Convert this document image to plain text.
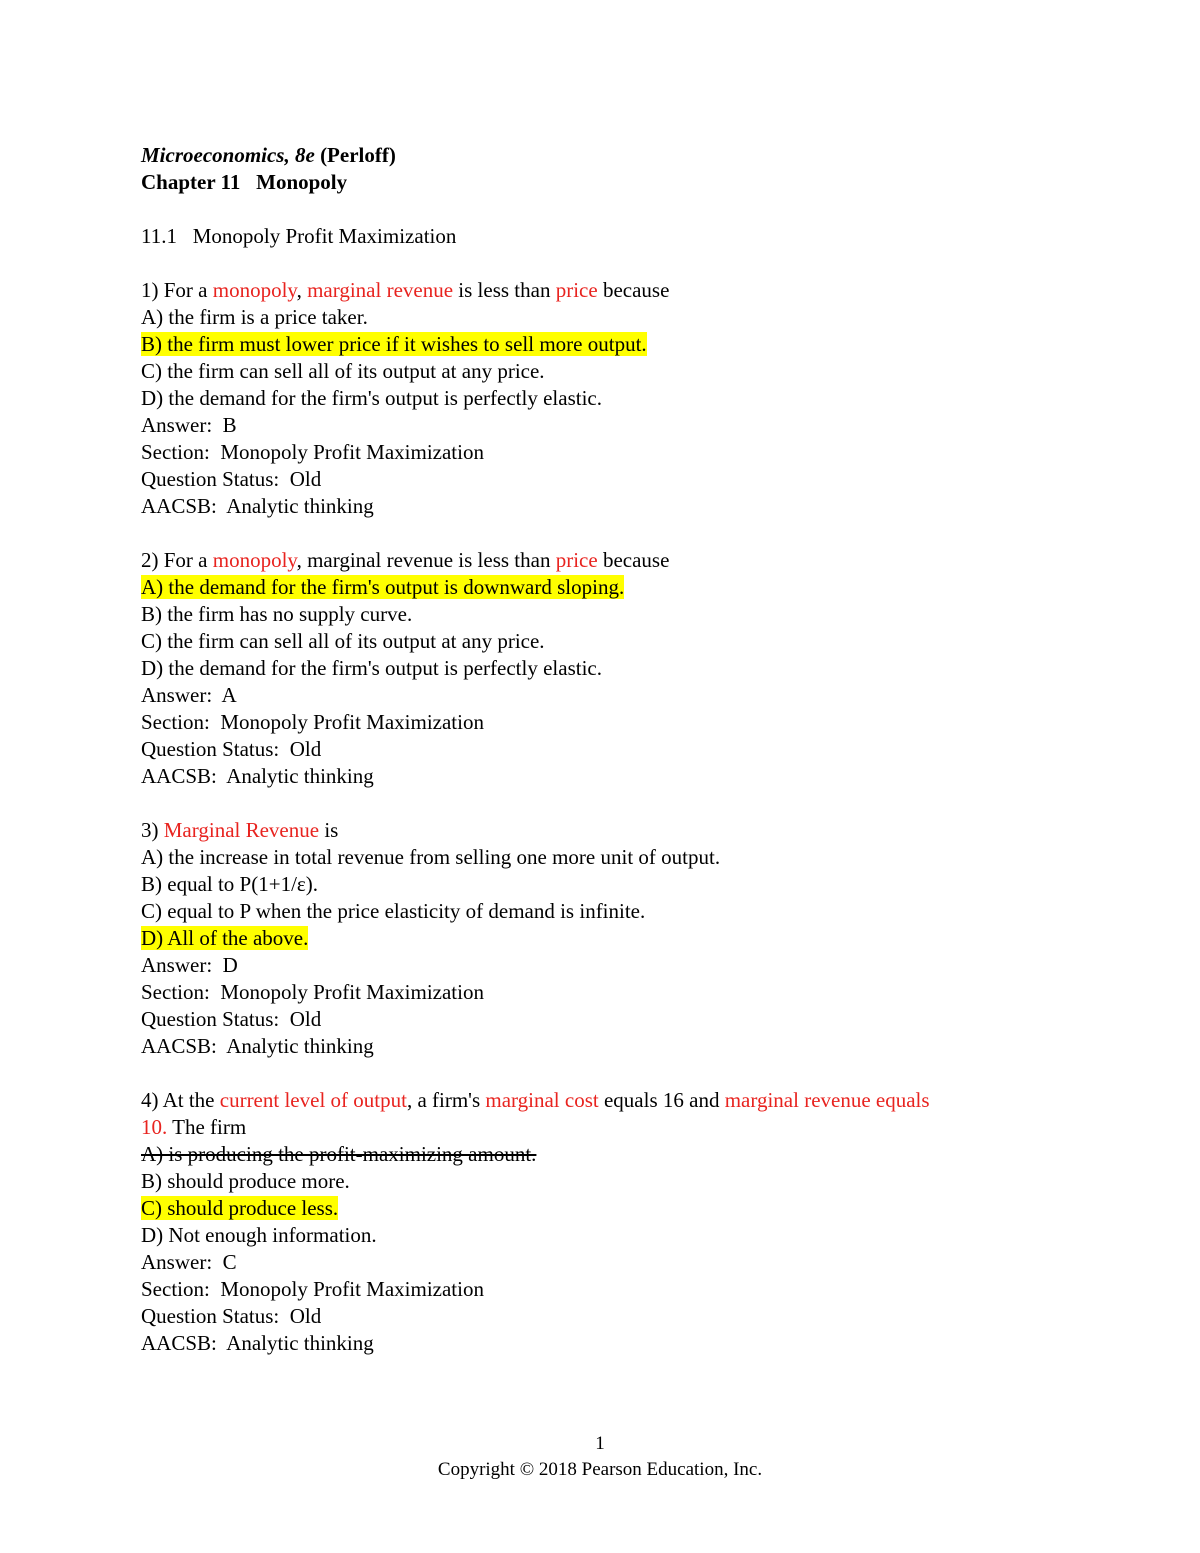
Microeconomics, 8e (Perloff)
Chapter 11   Monopoly
11.1   Monopoly Profit Maximization
1) For a monopoly, marginal revenue is less than price because
A) the firm is a price taker.
B) the firm must lower price if it wishes to sell more output.
C) the firm can sell all of its output at any price.
D) the demand for the firm's output is perfectly elastic.
Answer:  B
Section:  Monopoly Profit Maximization
Question Status:  Old
AACSB:  Analytic thinking
2) For a monopoly, marginal revenue is less than price because
A) the demand for the firm's output is downward sloping.
B) the firm has no supply curve.
C) the firm can sell all of its output at any price.
D) the demand for the firm's output is perfectly elastic.
Answer:  A
Section:  Monopoly Profit Maximization
Question Status:  Old
AACSB:  Analytic thinking
3) Marginal Revenue is
A) the increase in total revenue from selling one more unit of output.
B) equal to P(1+1/ε).
C) equal to P when the price elasticity of demand is infinite.
D) All of the above.
Answer:  D
Section:  Monopoly Profit Maximization
Question Status:  Old
AACSB:  Analytic thinking
4) At the current level of output, a firm's marginal cost equals 16 and marginal revenue equals
10. The firm
A) is producing the profit-maximizing amount.
B) should produce more.
C) should produce less.
D) Not enough information.
Answer:  C
Section:  Monopoly Profit Maximization
Question Status:  Old
AACSB:  Analytic thinking
1
Copyright © 2018 Pearson Education, Inc.
